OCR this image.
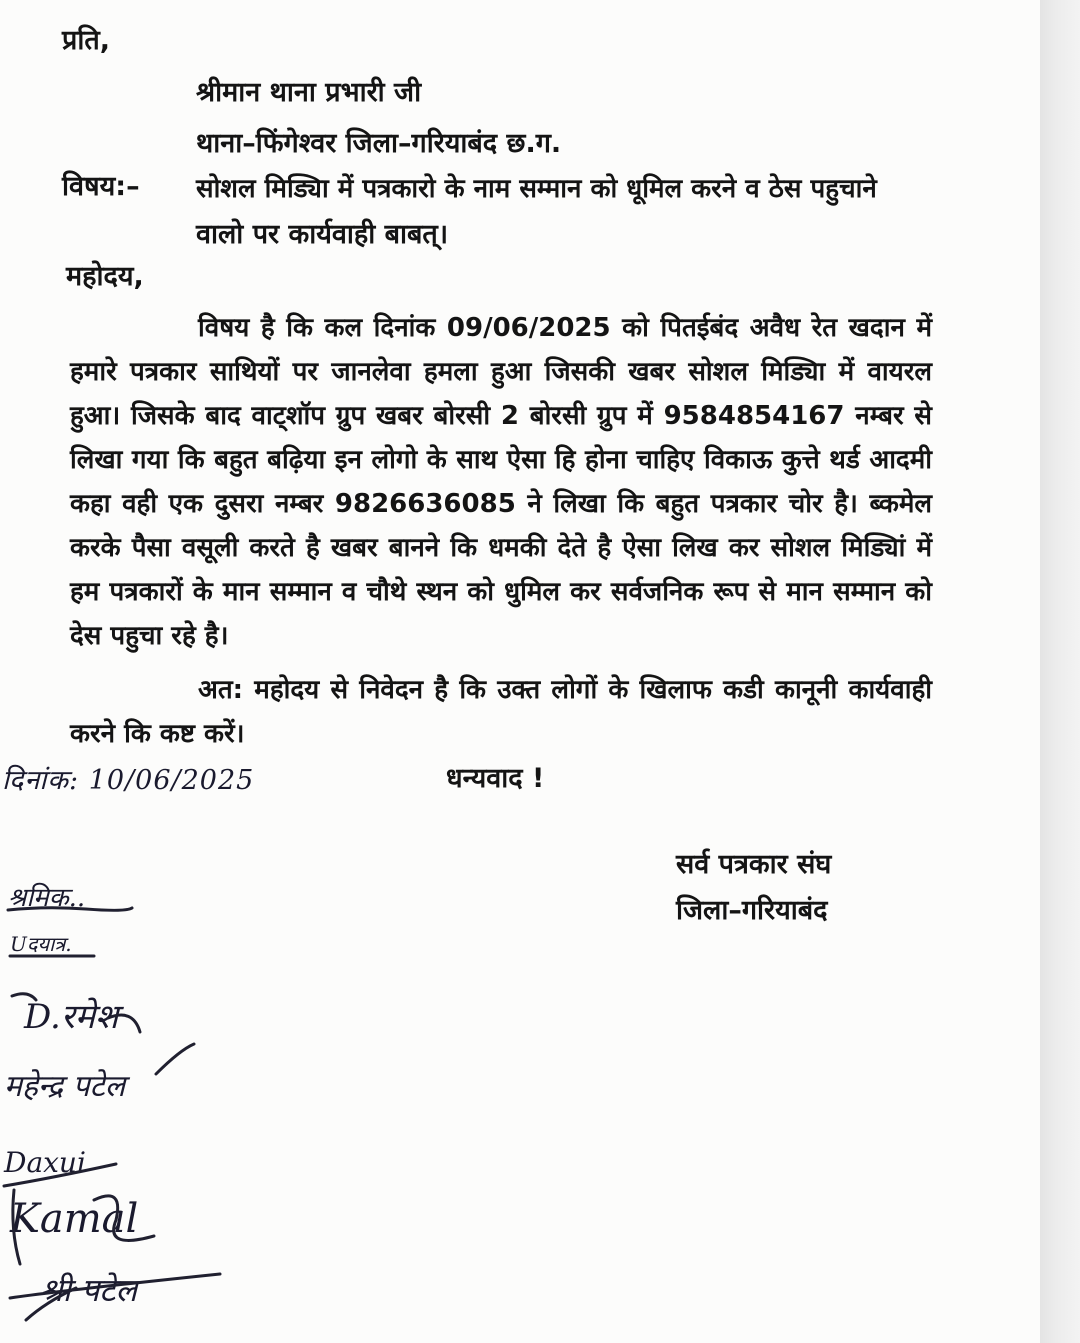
प्रति,
श्रीमान थाना प्रभारी जी
थाना–फिंगेश्वर जिला–गरियाबंद छ.ग.
विषय:– सोशल मिड्यिा में पत्रकारो के नाम सम्मान को धूमिल करने व ठेस पहुचाने
वालो पर कार्यवाही बाबत्।
महोदय,

विषय है कि कल दिनांक 09/06/2025 को पितईबंद अवैध रेत खदान में हमारे पत्रकार साथियों पर जानलेवा हमला हुआ जिसकी खबर सोशल मिड्यिा में वायरल हुआ। जिसके बाद वाट्शॉप ग्रुप खबर बोरसी 2 बोरसी ग्रुप में 9584854167 नम्बर से लिखा गया कि बहुत बढ़िया इन लोगो के साथ ऐसा हि होना चाहिए विकाऊ कुत्ते थर्ड आदमी कहा वही एक दुसरा नम्बर 9826636085 ने लिखा कि बहुत पत्रकार चोर है। ब्कमेल करके पैसा वसूली करते है खबर बानने कि धमकी देते है ऐसा लिख कर सोशल मिड्यिां में हम पत्रकारों के मान सम्मान व चौथे स्थन को धुमिल कर सर्वजनिक रूप से मान सम्मान को देस पहुचा रहे है।

अत: महोदय से निवेदन है कि उक्त लोगों के खिलाफ कडी कानूनी कार्यवाही करने कि कष्ट करें।

दिनांक: 10/06/2025	धन्यवाद !
सर्व पत्रकार संघ
जिला–गरियाबंद
श्रमिक..
Uदयात्र.
D.रमेश
महेन्द्र पटेल
Daxui
Kamal
श्री पटेल
